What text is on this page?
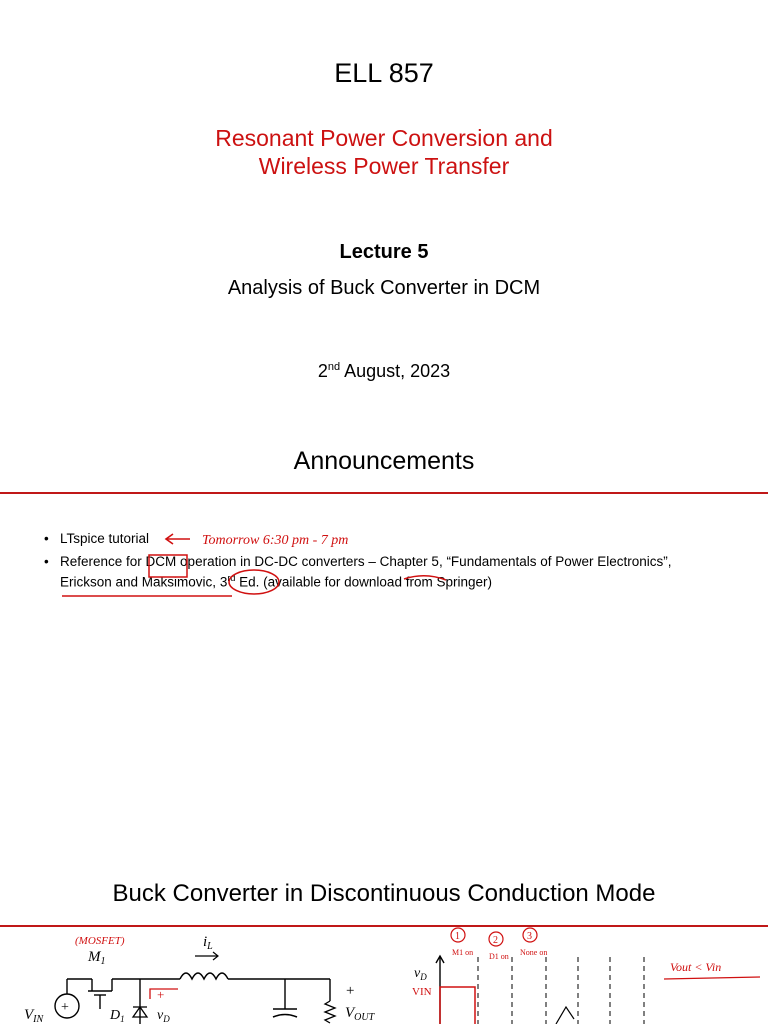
ELL 857
Resonant Power Conversion and
Wireless Power Transfer
Lecture 5
Analysis of Buck Converter in DCM
2nd August, 2023
Announcements
• LTspice tutorial
• Reference for DCM operation in DC-DC converters – Chapter 5, “Fundamentals of Power Electronics”,
Erickson and Maksimovic, 3rd Ed. (available for download from Springer)
Tomorrow 6:30 pm - 7 pm
Buck Converter in Discontinuous Conduction Mode
(MOSFET)
$M_1$
$i_L$
$V_{IN}$
+
$D_1$ $v_D$
+	+
$V_{OUT}$
$v_D$
VIN
1
M1 on
2
D1 on
3
None on
Vout < Vin
